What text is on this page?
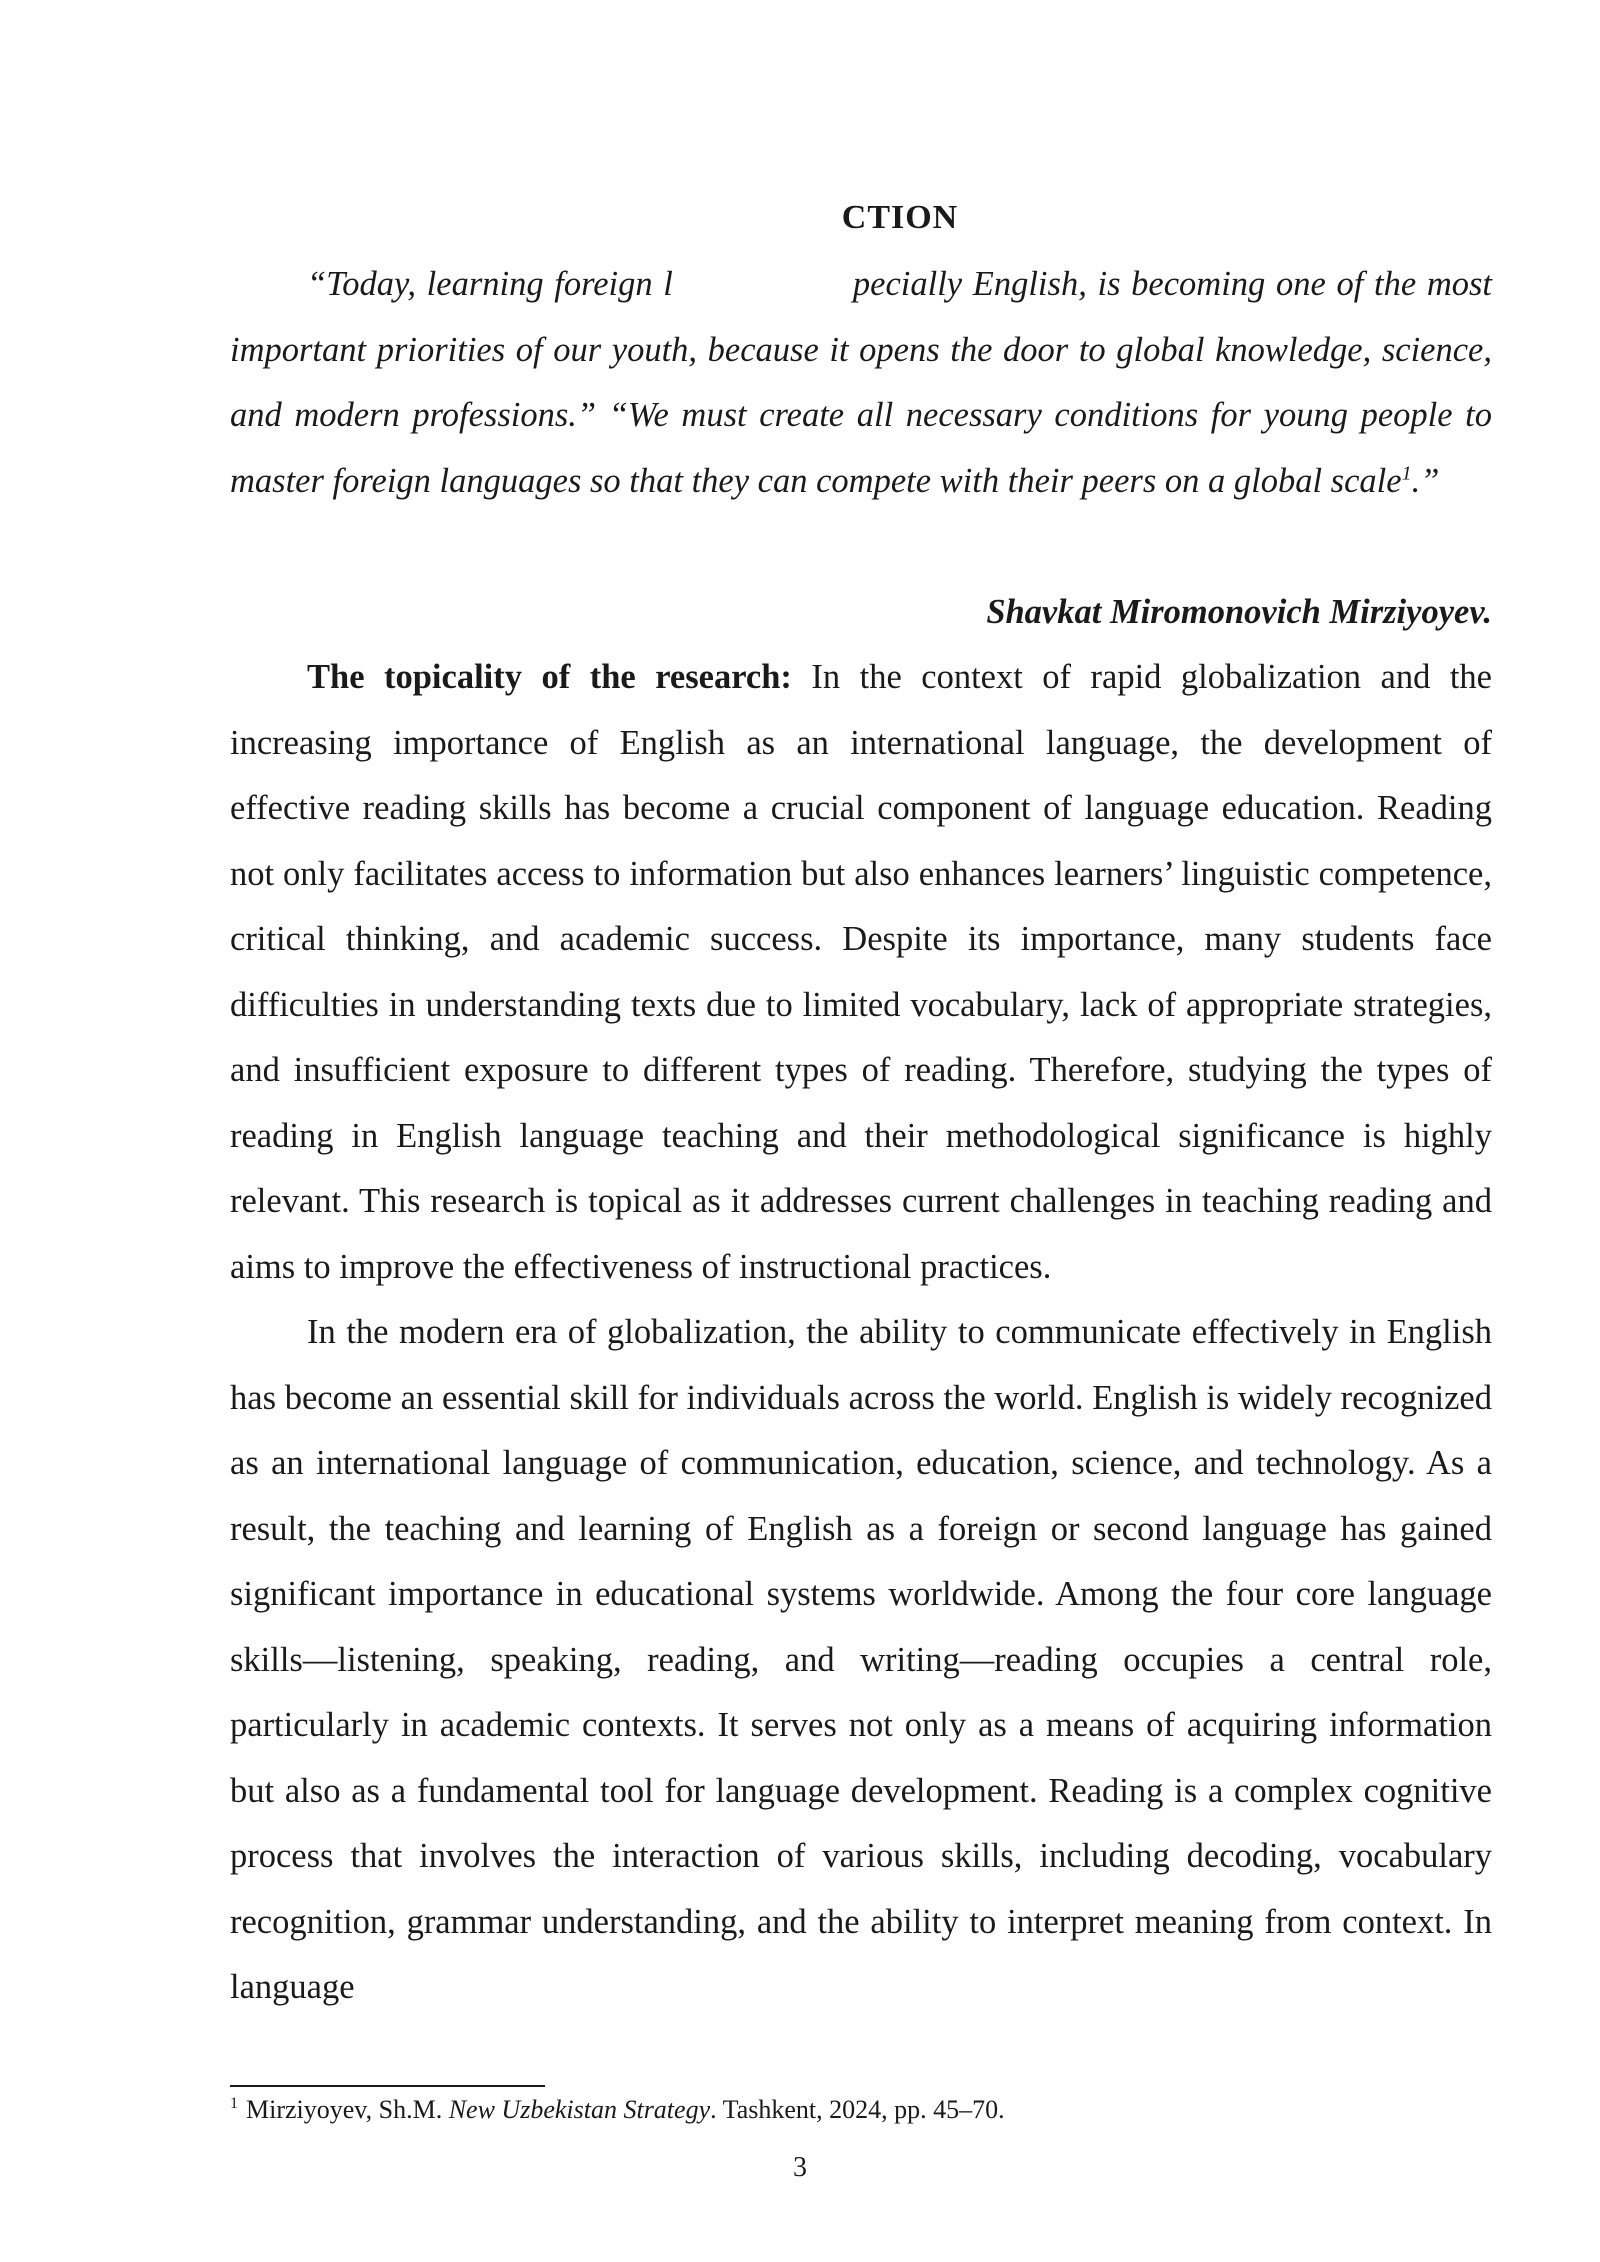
CTION
“Today, learning foreign l	pecially English, is becoming one of the most important priorities of our youth, because it opens the door to global knowledge, science, and modern professions.” “We must create all necessary conditions for young people to master foreign languages so that they can compete with their peers on a global scale$^1$.”
Shavkat Miromonovich Mirziyoyev.

The topicality of the research: In the context of rapid globalization and the increasing importance of English as an international language, the development of effective reading skills has become a crucial component of language education. Reading not only facilitates access to information but also enhances learners’ linguistic competence, critical thinking, and academic success. Despite its importance, many students face difficulties in understanding texts due to limited vocabulary, lack of appropriate strategies, and insufficient exposure to different types of reading. Therefore, studying the types of reading in English language teaching and their methodological significance is highly relevant. This research is topical as it addresses current challenges in teaching reading and aims to improve the effectiveness of instructional practices.

In the modern era of globalization, the ability to communicate effectively in English has become an essential skill for individuals across the world. English is widely recognized as an international language of communication, education, science, and technology. As a result, the teaching and learning of English as a foreign or second language has gained significant importance in educational systems worldwide. Among the four core language skills—listening, speaking, reading, and writing—reading occupies a central role, particularly in academic contexts. It serves not only as a means of acquiring information but also as a fundamental tool for language development. Reading is a complex cognitive process that involves the interaction of various skills, including decoding, vocabulary recognition, grammar understanding, and the ability to interpret meaning from context. In language

$^1$ Mirziyoyev, Sh.M. New Uzbekistan Strategy. Tashkent, 2024, pp. 45–70.
3
